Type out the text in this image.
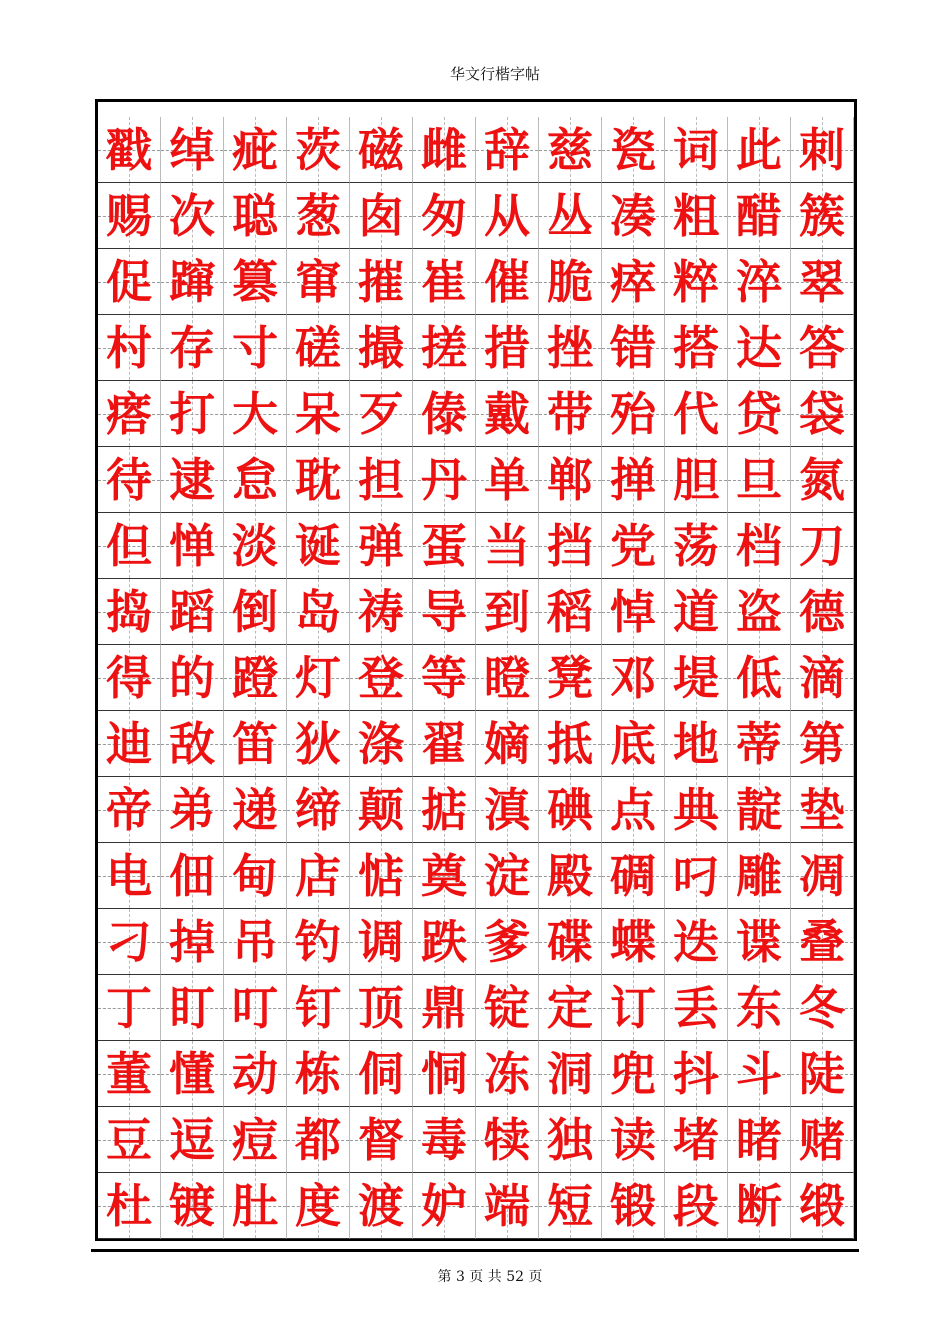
华文行楷字帖
戳 绰 疵 茨 磁 雌 辞 慈 瓷 词 此 刺
赐 次 聪 葱 囱 匆 从 丛 凑 粗 醋 簇
促 蹿 篡 窜 摧 崔 催 脆 瘁 粹 淬 翠
村 存 寸 磋 撮 搓 措 挫 错 搭 达 答
瘩 打 大 呆 歹 傣 戴 带 殆 代 贷 袋
待 逮 怠 耽 担 丹 单 郸 掸 胆 旦 氮
但 惮 淡 诞 弹 蛋 当 挡 党 荡 档 刀
捣 蹈 倒 岛 祷 导 到 稻 悼 道 盗 德
得 的 蹬 灯 登 等 瞪 凳 邓 堤 低 滴
迪 敌 笛 狄 涤 翟 嫡 抵 底 地 蒂 第
帝 弟 递 缔 颠 掂 滇 碘 点 典 靛 垫
电 佃 甸 店 惦 奠 淀 殿 碉 叼 雕 凋
刁 掉 吊 钓 调 跌 爹 碟 蝶 迭 谍 叠
丁 盯 叮 钉 顶 鼎 锭 定 订 丢 东 冬
董 懂 动 栋 侗 恫 冻 洞 兜 抖 斗 陡
豆 逗 痘 都 督 毒 犊 独 读 堵 睹 赌
杜 镀 肚 度 渡 妒 端 短 锻 段 断 缎
第 3 页 共 52 页
